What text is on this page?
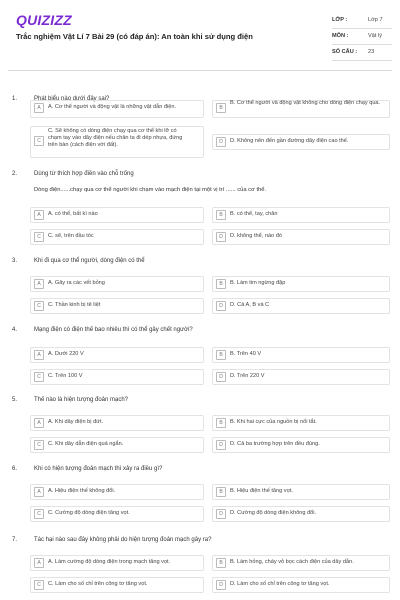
QUIZIZZ
Trắc nghiệm Vật Lí 7 Bài 29 (có đáp án): An toàn khi sử dụng điện
LỚP :	Lớp 7
MÔN :	Vật lý
SỐ CÂU : 23
1.	Phát biểu nào dưới đây sai?
A	A. Cơ thể người và động vật là những vật dẫn điện.	B
B. Cơ thể người và động vật không cho dòng điện chạy qua.
C
C. Sẽ không có dòng điện chạy qua cơ thể khi lỡ có chạm tay vào dây điện nếu chân ta đi dép nhựa, đứng trên bàn (cách điện với đất).	D	D. Không nên đến gần đường dây điện cao thế.
2.	Dùng từ thích hợp điền vào chỗ trống
Dòng điện......chạy qua cơ thể người khi chạm vào mạch điện tại một vị trí ...... của cơ thể.
A	A. có thể, bất kì nào	B	B. có thể, tay, chân
C	C. sẽ, trên đầu tóc	D	D. không thể, nào đó
3.	Khi đi qua cơ thể người, dòng điện có thể
A	A. Gây ra các vết bỏng	B	B. Làm tim ngừng đập
C	C. Thần kinh bị tê liệt	D	D. Cả A, B và C
4.	Mạng điện có điện thế bao nhiêu thì có thể gây chết người?
A	A. Dưới 220 V	B	B. Trên 40 V
C	C. Trên 100 V	D	D. Trên 220 V
5.	Thế nào là hiện tượng đoản mạch?
A	A. Khi dây điện bị đứt.	B	B. Khi hai cực của nguồn bị nối tắt.
C	C. Khi dây dẫn điện quá ngắn.	D	D. Cả ba trường hợp trên đều đúng.
6.	Khi có hiện tượng đoản mạch thì xảy ra điều gì?
A	A. Hiệu điện thế không đổi.	B	B. Hiệu điện thế tăng vọt.
C	C. Cường độ dòng điện tăng vọt.	D	D. Cường độ dòng điện không đổi.
7.	Tác hại nào sau đây không phải do hiện tượng đoản mạch gây ra?
A	A. Làm cường độ dòng điện trong mạch tăng vọt.	B	B. Làm hỏng, cháy vỏ bọc cách điện của dây dẫn.
C	C. Làm cho số chỉ trên công tơ tăng vọt.	D	D. Làm cho số chỉ trên công tơ tăng vọt.
